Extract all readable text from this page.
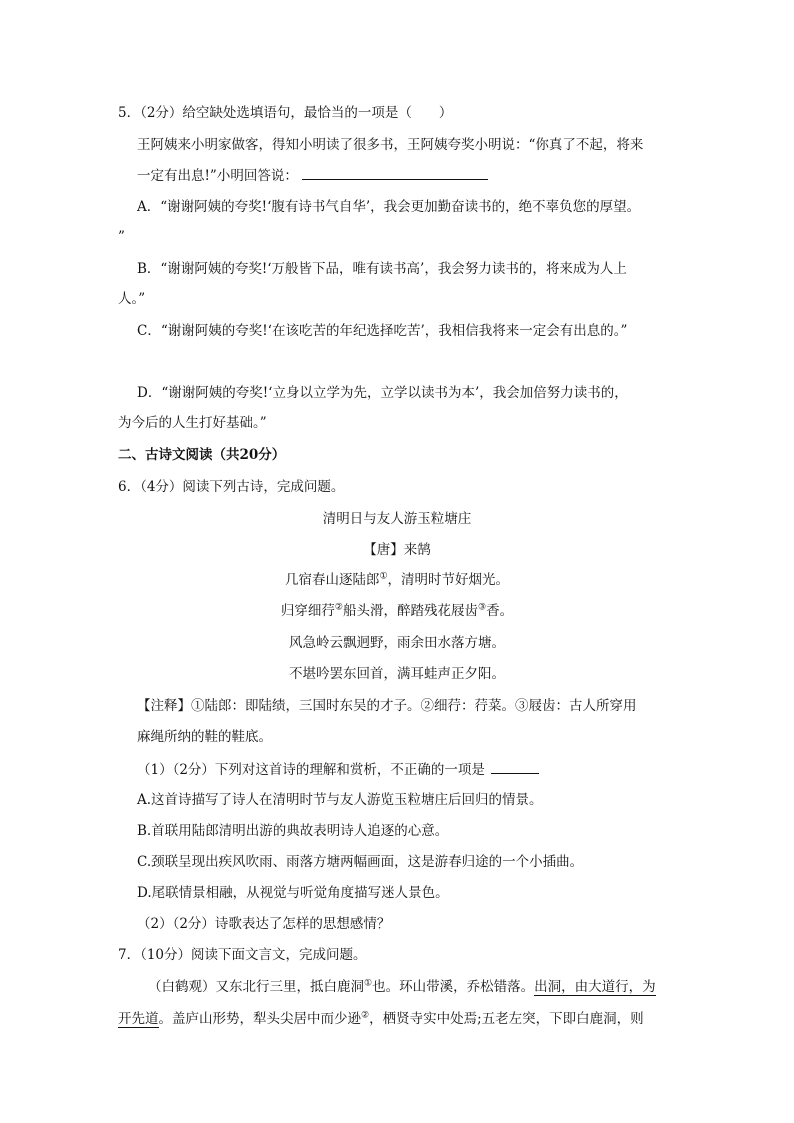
5．（2分）给空缺处选填语句，最恰当的一项是（　　）
王阿姨来小明家做客，得知小明读了很多书，王阿姨夸奖小明说：“你真了不起，将来
一定有出息!”小明回答说：
A．“谢谢阿姨的夸奖!‘腹有诗书气自华’，我会更加勤奋读书的，绝不辜负您的厚望。
”
B．“谢谢阿姨的夸奖!‘万般皆下品，唯有读书高’，我会努力读书的，将来成为人上
人。”
C．“谢谢阿姨的夸奖!‘在该吃苦的年纪选择吃苦’，我相信我将来一定会有出息的。”
D．“谢谢阿姨的夸奖!‘立身以立学为先，立学以读书为本’，我会加倍努力读书的，
为今后的人生打好基础。”
二、古诗文阅读（共20分）
6．（4分）阅读下列古诗，完成问题。
清明日与友人游玉粒塘庄
【唐】来鹄
几宿春山逐陆郎①，清明时节好烟光。
归穿细荇②船头滑，醉踏残花屐齿③香。
风急岭云飘迥野，雨余田水落方塘。
不堪吟罢东回首，满耳蛙声正夕阳。
【注释】①陆郎：即陆绩，三国时东吴的才子。②细荇：荇菜。③屐齿：古人所穿用
麻绳所纳的鞋的鞋底。
（1）（2分）下列对这首诗的理解和赏析，不正确的一项是
A.这首诗描写了诗人在清明时节与友人游览玉粒塘庄后回归的情景。
B.首联用陆郎清明出游的典故表明诗人追逐的心意。
C.颈联呈现出疾风吹雨、雨落方塘两幅画面，这是游春归途的一个小插曲。
D.尾联情景相融，从视觉与听觉角度描写迷人景色。
（2）（2分）诗歌表达了怎样的思想感情？
7．（10分）阅读下面文言文，完成问题。
（白鹤观）又东北行三里，抵白鹿洞①也。环山带溪，乔松错落。出洞，由大道行，为
开先道。盖庐山形势，犁头尖居中而少逊②，栖贤寺实中处焉;五老左突，下即白鹿洞，则
